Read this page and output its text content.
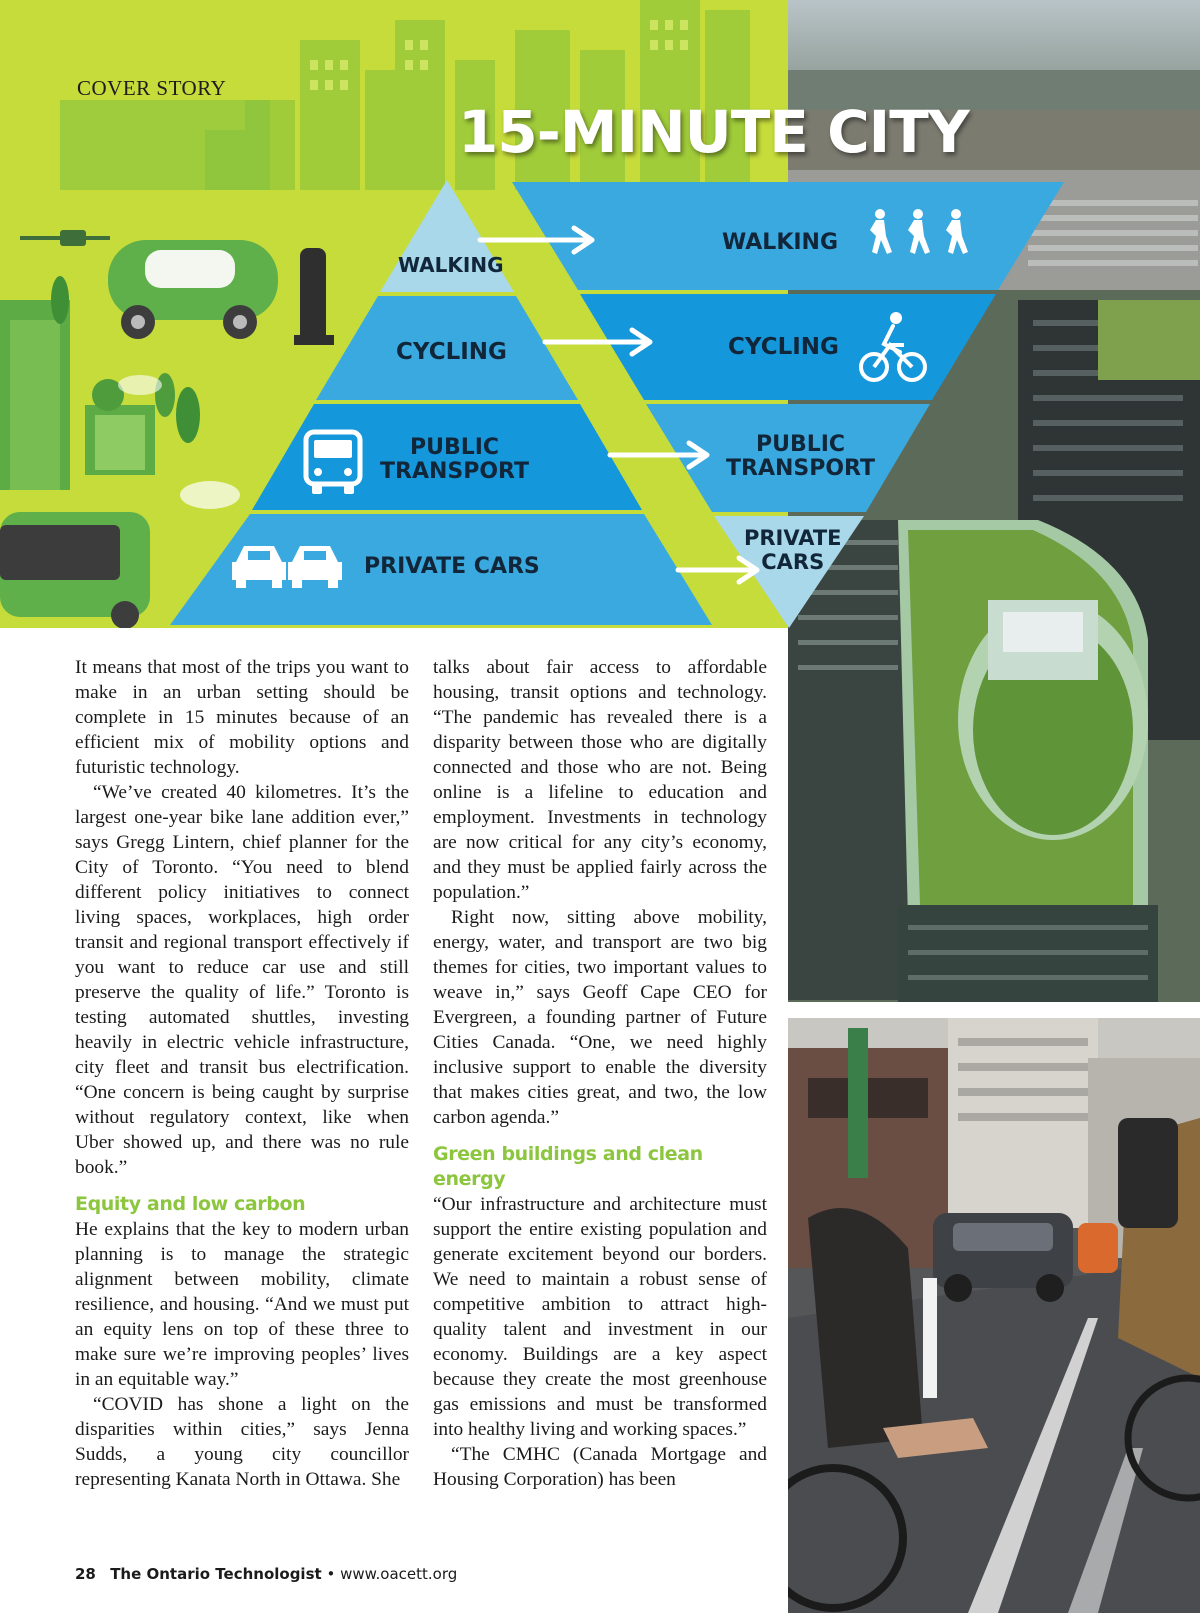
COVER STORY
15-MINUTE CITY
WALKING
CYCLING
PUBLIC
TRANSPORT
PRIVATE CARS
WALKING
CYCLING
PUBLIC
TRANSPORT
PRIVATE
CARS

It means that most of the trips you want to make in an urban setting should be complete in 15 minutes because of an efficient mix of mobility options and futuristic technology.

“We’ve created 40 kilometres. It’s the largest one-year bike lane addition ever,” says Gregg Lintern, chief planner for the City of Toronto. “You need to blend different policy initiatives to connect living spaces, workplaces, high order transit and regional transport effectively if you want to reduce car use and still preserve the quality of life.” Toronto is testing automated shuttles, investing heavily in electric vehicle infrastructure, city fleet and transit bus electrification. “One concern is being caught by surprise without regulatory context, like when Uber showed up, and there was no rule book.”

Equity and low carbon

He explains that the key to modern urban planning is to manage the strategic alignment between mobility, climate resilience, and housing. “And we must put an equity lens on top of these three to make sure we’re improving peoples’ lives in an equitable way.”

“COVID has shone a light on the disparities within cities,” says Jenna Sudds, a young city councillor representing Kanata North in Ottawa. She

talks about fair access to affordable housing, transit options and technology. “The pandemic has revealed there is a disparity between those who are digitally connected and those who are not. Being online is a lifeline to education and employment. Investments in technology are now critical for any city’s economy, and they must be applied fairly across the population.”

Right now, sitting above mobility, energy, water, and transport are two big themes for cities, two important values to weave in,” says Geoff Cape CEO for Evergreen, a founding partner of Future Cities Canada. “One, we need highly inclusive support to enable the diversity that makes cities great, and two, the low carbon agenda.”

Green buildings and clean energy

“Our infrastructure and architecture must support the entire existing population and generate excitement beyond our borders. We need to maintain a robust sense of competitive ambition to attract high-quality talent and investment in our economy. Buildings are a key aspect because they create the most greenhouse gas emissions and must be transformed into healthy living and working spaces.”

“The CMHC (Canada Mortgage and Housing Corporation) has been

28 The Ontario Technologist • www.oacett.org
